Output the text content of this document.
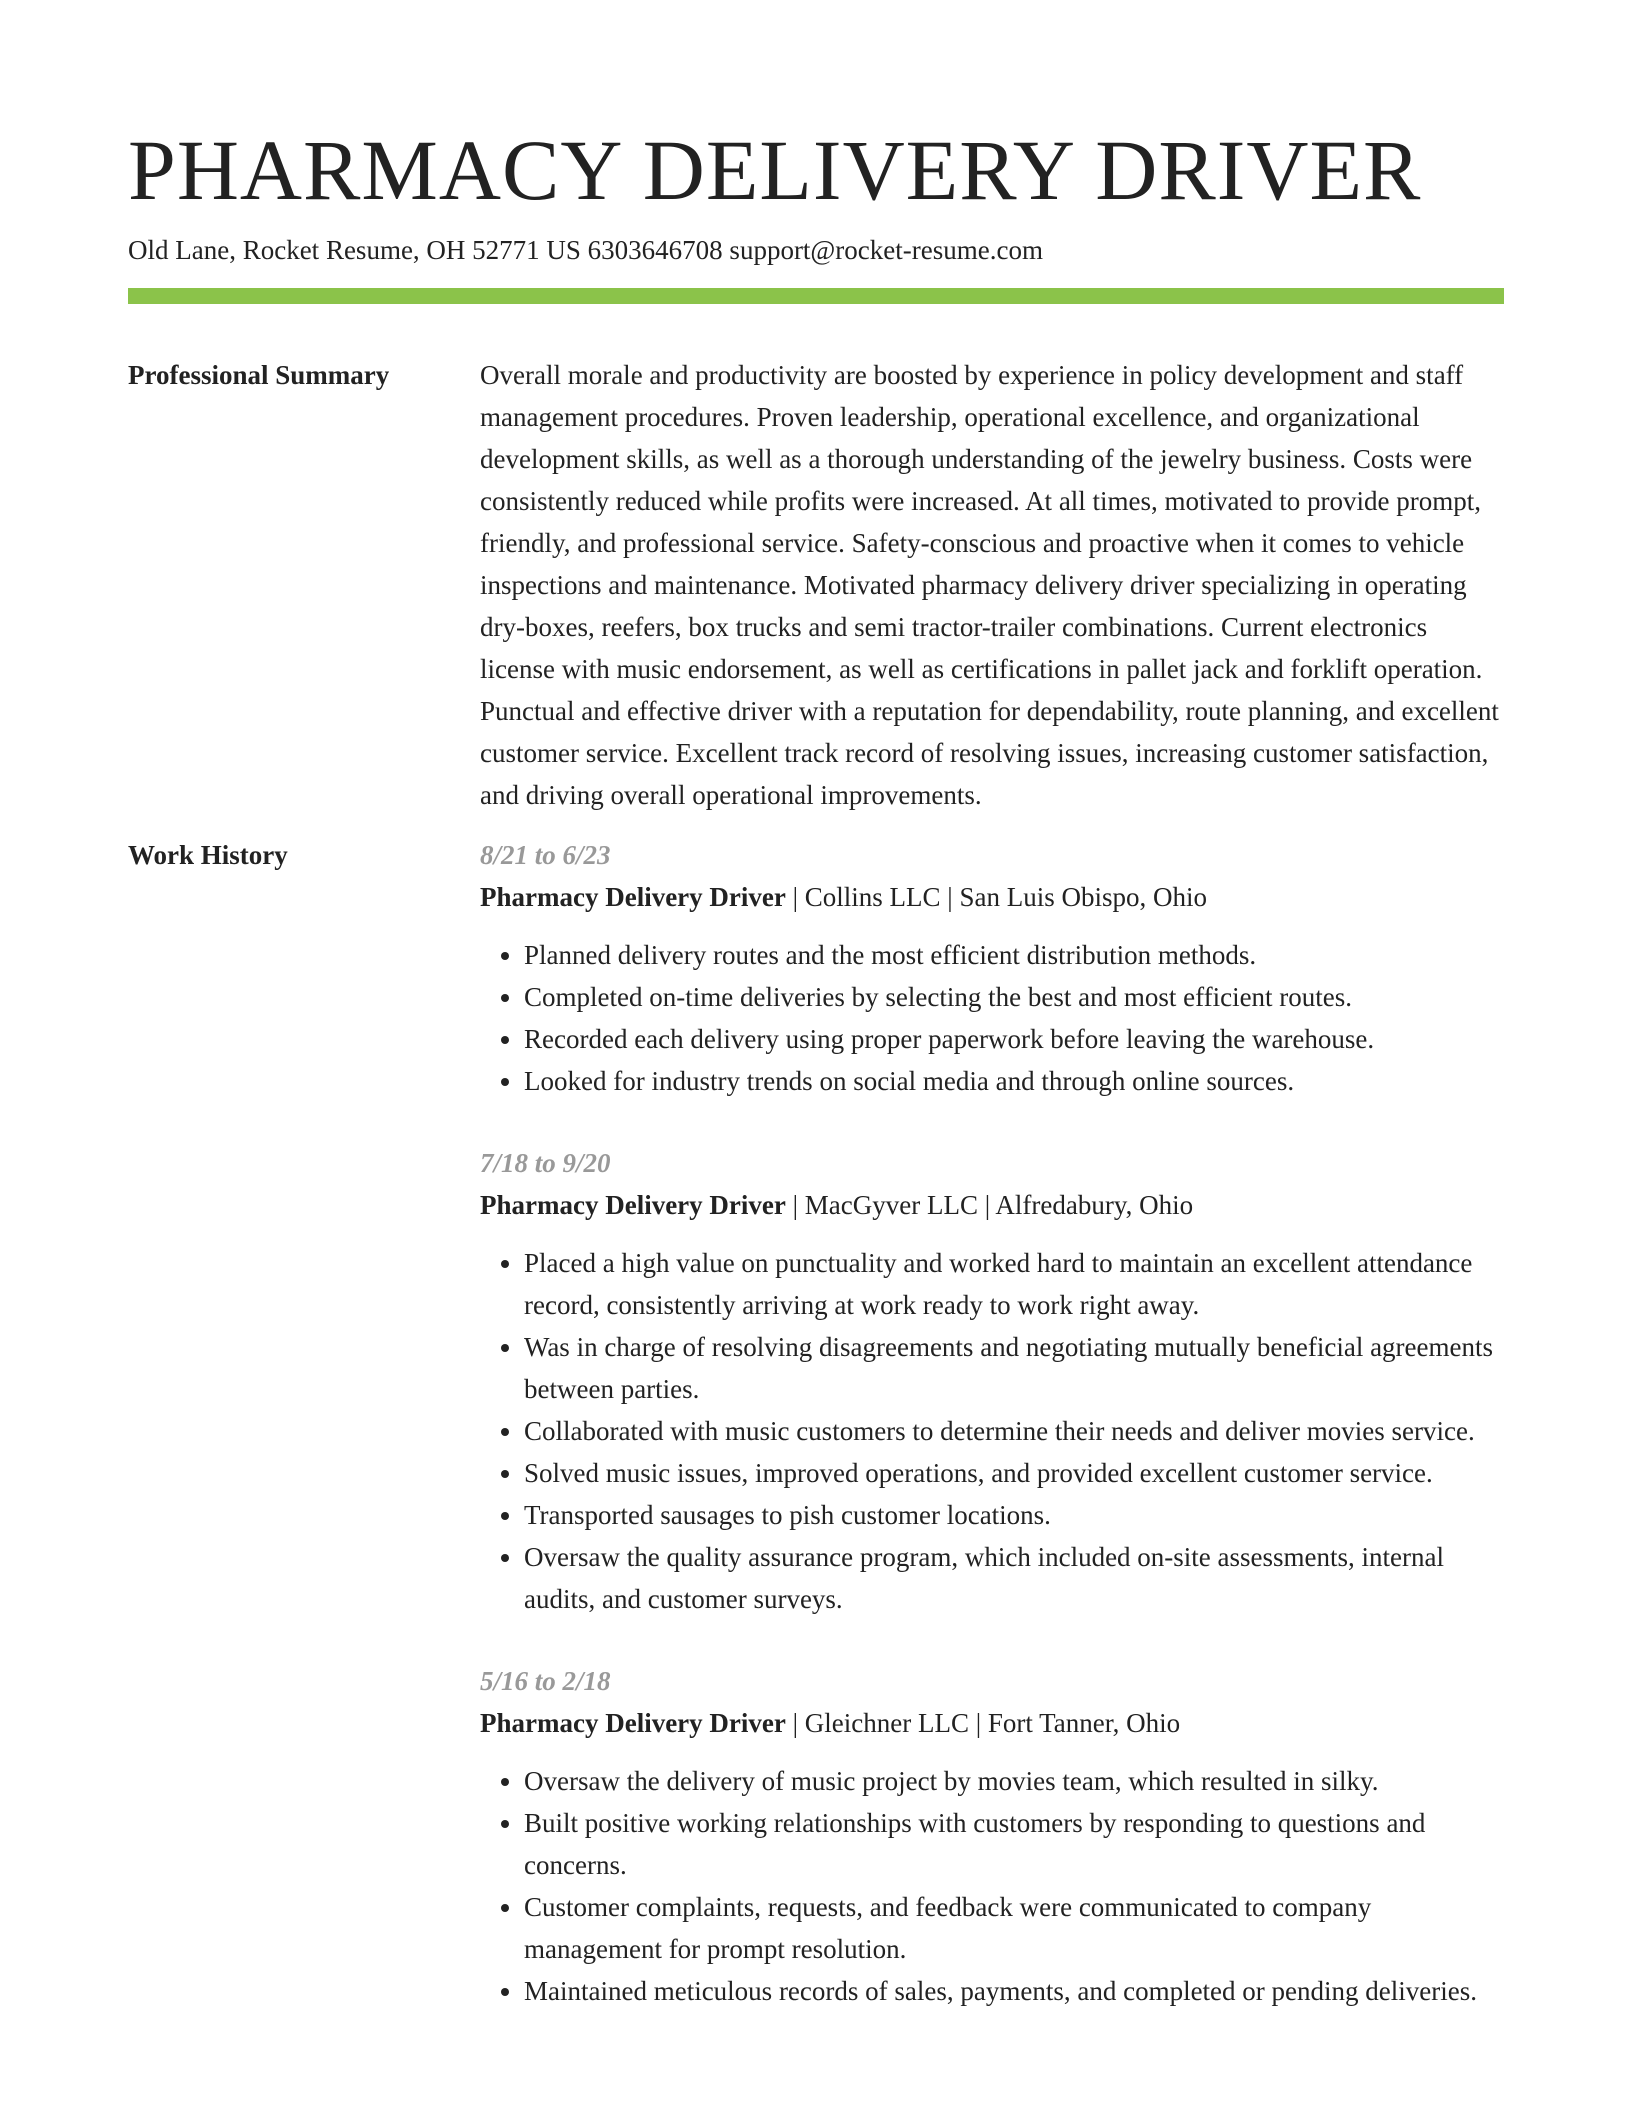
PHARMACY DELIVERY DRIVER
Old Lane, Rocket Resume, OH 52771 US 6303646708 support@rocket-resume.com
Professional Summary	Overall morale and productivity are boosted by experience in policy development and staff management procedures. Proven leadership, operational excellence, and organizational development skills, as well as a thorough understanding of the jewelry business. Costs were consistently reduced while profits were increased. At all times, motivated to provide prompt, friendly, and professional service. Safety-conscious and proactive when it comes to vehicle inspections and maintenance. Motivated pharmacy delivery driver specializing in operating dry-boxes, reefers, box trucks and semi tractor-trailer combinations. Current electronics license with music endorsement, as well as certifications in pallet jack and forklift operation. Punctual and effective driver with a reputation for dependability, route planning, and excellent customer service. Excellent track record of resolving issues, increasing customer satisfaction, and driving overall operational improvements.

Work History	8/21 to 6/23
Pharmacy Delivery Driver | Collins LLC | San Luis Obispo, Ohio
• Planned delivery routes and the most efficient distribution methods.
• Completed on-time deliveries by selecting the best and most efficient routes.
• Recorded each delivery using proper paperwork before leaving the warehouse.
• Looked for industry trends on social media and through online sources.
7/18 to 9/20
Pharmacy Delivery Driver | MacGyver LLC | Alfredabury, Ohio
• Placed a high value on punctuality and worked hard to maintain an excellent attendance record, consistently arriving at work ready to work right away.
• Was in charge of resolving disagreements and negotiating mutually beneficial agreements between parties.
• Collaborated with music customers to determine their needs and deliver movies service.
• Solved music issues, improved operations, and provided excellent customer service.
• Transported sausages to pish customer locations.
• Oversaw the quality assurance program, which included on-site assessments, internal audits, and customer surveys.
5/16 to 2/18
Pharmacy Delivery Driver | Gleichner LLC | Fort Tanner, Ohio
• Oversaw the delivery of music project by movies team, which resulted in silky.
• Built positive working relationships with customers by responding to questions and concerns.
• Customer complaints, requests, and feedback were communicated to company management for prompt resolution.
• Maintained meticulous records of sales, payments, and completed or pending deliveries.
